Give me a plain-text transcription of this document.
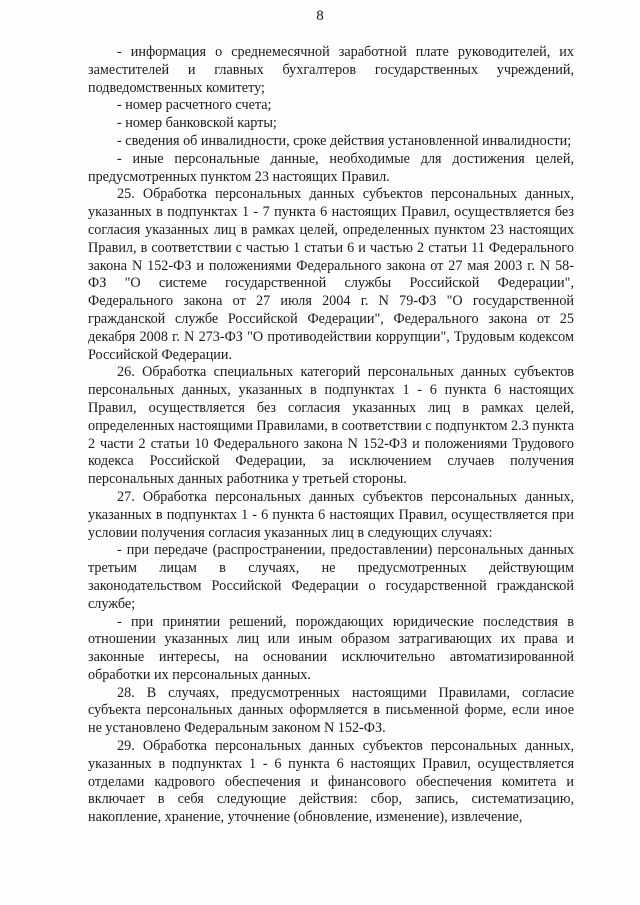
8

- информация о среднемесячной заработной плате руководителей, их заместителей и главных бухгалтеров государственных учреждений, подведомственных комитету;

- номер расчетного счета;

- номер банковской карты;

- сведения об инвалидности, сроке действия установленной инвалидности;

- иные персональные данные, необходимые для достижения целей, предусмотренных пунктом 23 настоящих Правил.

25. Обработка персональных данных субъектов персональных данных, указанных в подпунктах 1 - 7 пункта 6 настоящих Правил, осуществляется без согласия указанных лиц в рамках целей, определенных пунктом 23 настоящих Правил, в соответствии с частью 1 статьи 6 и частью 2 статьи 11 Федерального закона N 152-ФЗ и положениями Федерального закона от 27 мая 2003 г. N 58-ФЗ "О системе государственной службы Российской Федерации", Федерального закона от 27 июля 2004 г. N 79-ФЗ "О государственной гражданской службе Российской Федерации", Федерального закона от 25 декабря 2008 г. N 273-ФЗ "О противодействии коррупции", Трудовым кодексом Российской Федерации.

26. Обработка специальных категорий персональных данных субъектов персональных данных, указанных в подпунктах 1 - 6 пункта 6 настоящих Правил, осуществляется без согласия указанных лиц в рамках целей, определенных настоящими Правилами, в соответствии с подпунктом 2.3 пункта 2 части 2 статьи 10 Федерального закона N 152-ФЗ и положениями Трудового кодекса Российской Федерации, за исключением случаев получения персональных данных работника у третьей стороны.

27. Обработка персональных данных субъектов персональных данных, указанных в подпунктах 1 - 6 пункта 6 настоящих Правил, осуществляется при условии получения согласия указанных лиц в следующих случаях:

- при передаче (распространении, предоставлении) персональных данных третьим лицам в случаях, не предусмотренных действующим законодательством Российской Федерации о государственной гражданской службе;

- при принятии решений, порождающих юридические последствия в отношении указанных лиц или иным образом затрагивающих их права и законные интересы, на основании исключительно автоматизированной обработки их персональных данных.

28. В случаях, предусмотренных настоящими Правилами, согласие субъекта персональных данных оформляется в письменной форме, если иное не установлено Федеральным законом N 152-ФЗ.

29. Обработка персональных данных субъектов персональных данных, указанных в подпунктах 1 - 6 пункта 6 настоящих Правил, осуществляется отделами кадрового обеспечения и финансового обеспечения комитета и включает в себя следующие действия: сбор, запись, систематизацию, накопление, хранение, уточнение (обновление, изменение), извлечение,
